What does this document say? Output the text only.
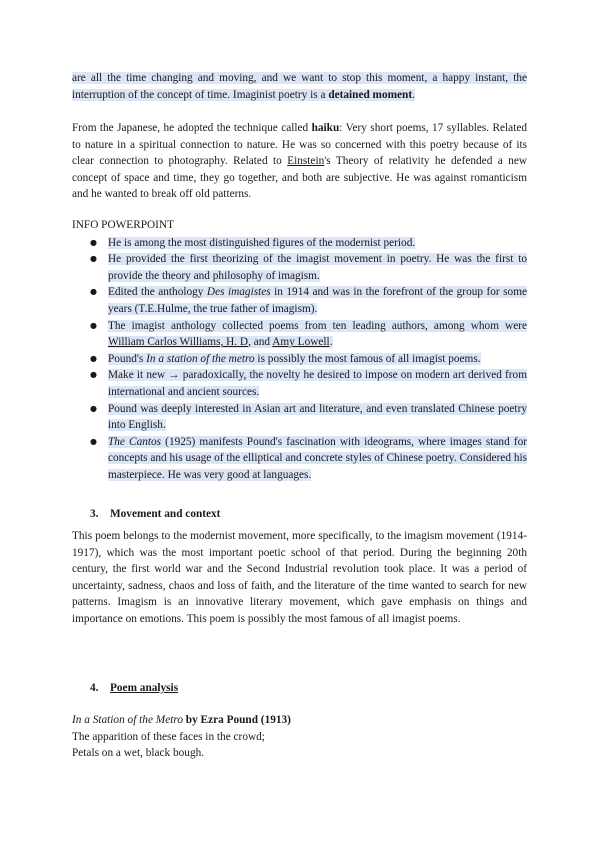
are all the time changing and moving, and we want to stop this moment, a happy instant, the interruption of the concept of time. Imaginist poetry is a detained moment.

From the Japanese, he adopted the technique called haiku: Very short poems, 17 syllables. Related to nature in a spiritual connection to nature. He was so concerned with this poetry because of its clear connection to photography. Related to Einstein's Theory of relativity he defended a new concept of space and time, they go together, and both are subjective. He was against romanticism and he wanted to break off old patterns.

INFO POWERPOINT

● He is among the most distinguished figures of the modernist period.
● He provided the first theorizing of the imagist movement in poetry. He was the first to provide the theory and philosophy of imagism.
● Edited the anthology Des imagistes in 1914 and was in the forefront of the group for some years (T.E.Hulme, the true father of imagism).
● The imagist anthology collected poems from ten leading authors, among whom were William Carlos Williams, H. D, and Amy Lowell.
● Pound's In a station of the metro is possibly the most famous of all imagist poems.
● Make it new → paradoxically, the novelty he desired to impose on modern art derived from international and ancient sources.
● Pound was deeply interested in Asian art and literature, and even translated Chinese poetry into English.
● The Cantos (1925) manifests Pound's fascination with ideograms, where images stand for concepts and his usage of the elliptical and concrete styles of Chinese poetry. Considered his masterpiece. He was very good at languages.

3. Movement and context

This poem belongs to the modernist movement, more specifically, to the imagism movement (1914-1917), which was the most important poetic school of that period. During the beginning 20th century, the first world war and the Second Industrial revolution took place. It was a period of uncertainty, sadness, chaos and loss of faith, and the literature of the time wanted to search for new patterns. Imagism is an innovative literary movement, which gave emphasis on things and importance on emotions. This poem is possibly the most famous of all imagist poems.

4. Poem analysis

In a Station of the Metro by Ezra Pound (1913)

The apparition of these faces in the crowd;

Petals on a wet, black bough.
